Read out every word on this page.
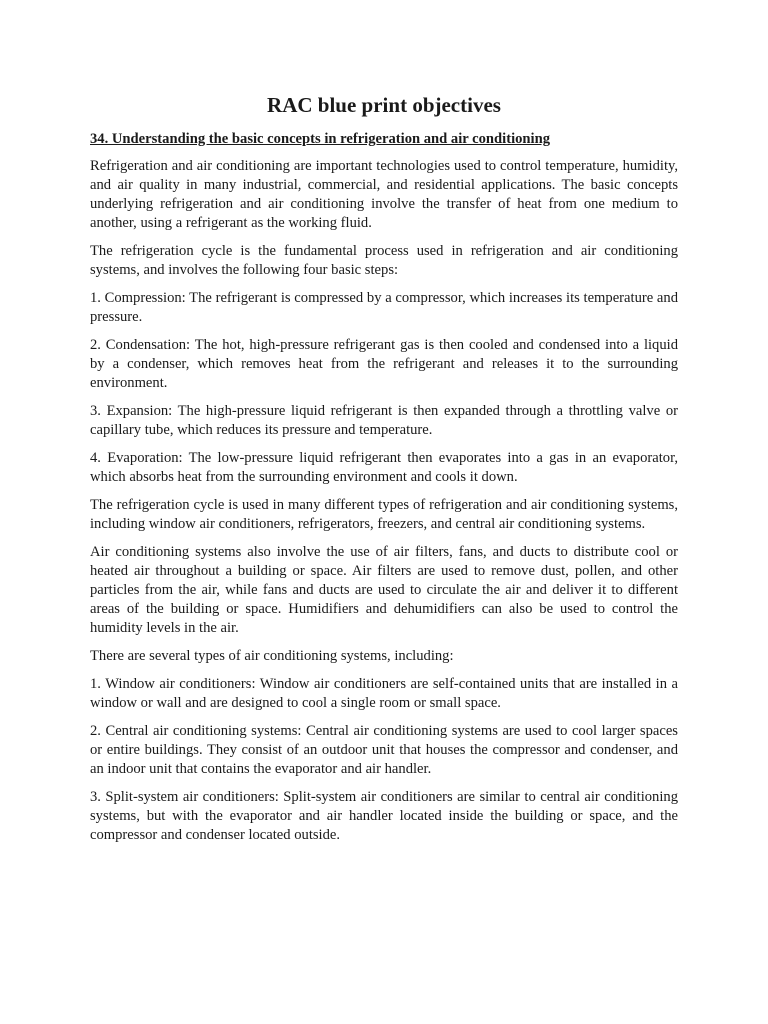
RAC blue print objectives
34. Understanding the basic concepts in refrigeration and air conditioning

Refrigeration and air conditioning are important technologies used to control temperature, humidity, and air quality in many industrial, commercial, and residential applications. The basic concepts underlying refrigeration and air conditioning involve the transfer of heat from one medium to another, using a refrigerant as the working fluid.

The refrigeration cycle is the fundamental process used in refrigeration and air conditioning systems, and involves the following four basic steps:

1. Compression: The refrigerant is compressed by a compressor, which increases its temperature and pressure.

2. Condensation: The hot, high-pressure refrigerant gas is then cooled and condensed into a liquid by a condenser, which removes heat from the refrigerant and releases it to the surrounding environment.

3. Expansion: The high-pressure liquid refrigerant is then expanded through a throttling valve or capillary tube, which reduces its pressure and temperature.

4. Evaporation: The low-pressure liquid refrigerant then evaporates into a gas in an evaporator, which absorbs heat from the surrounding environment and cools it down.

The refrigeration cycle is used in many different types of refrigeration and air conditioning systems, including window air conditioners, refrigerators, freezers, and central air conditioning systems.

Air conditioning systems also involve the use of air filters, fans, and ducts to distribute cool or heated air throughout a building or space. Air filters are used to remove dust, pollen, and other particles from the air, while fans and ducts are used to circulate the air and deliver it to different areas of the building or space. Humidifiers and dehumidifiers can also be used to control the humidity levels in the air.

There are several types of air conditioning systems, including:

1. Window air conditioners: Window air conditioners are self-contained units that are installed in a window or wall and are designed to cool a single room or small space.

2. Central air conditioning systems: Central air conditioning systems are used to cool larger spaces or entire buildings. They consist of an outdoor unit that houses the compressor and condenser, and an indoor unit that contains the evaporator and air handler.

3. Split-system air conditioners: Split-system air conditioners are similar to central air conditioning systems, but with the evaporator and air handler located inside the building or space, and the compressor and condenser located outside.
